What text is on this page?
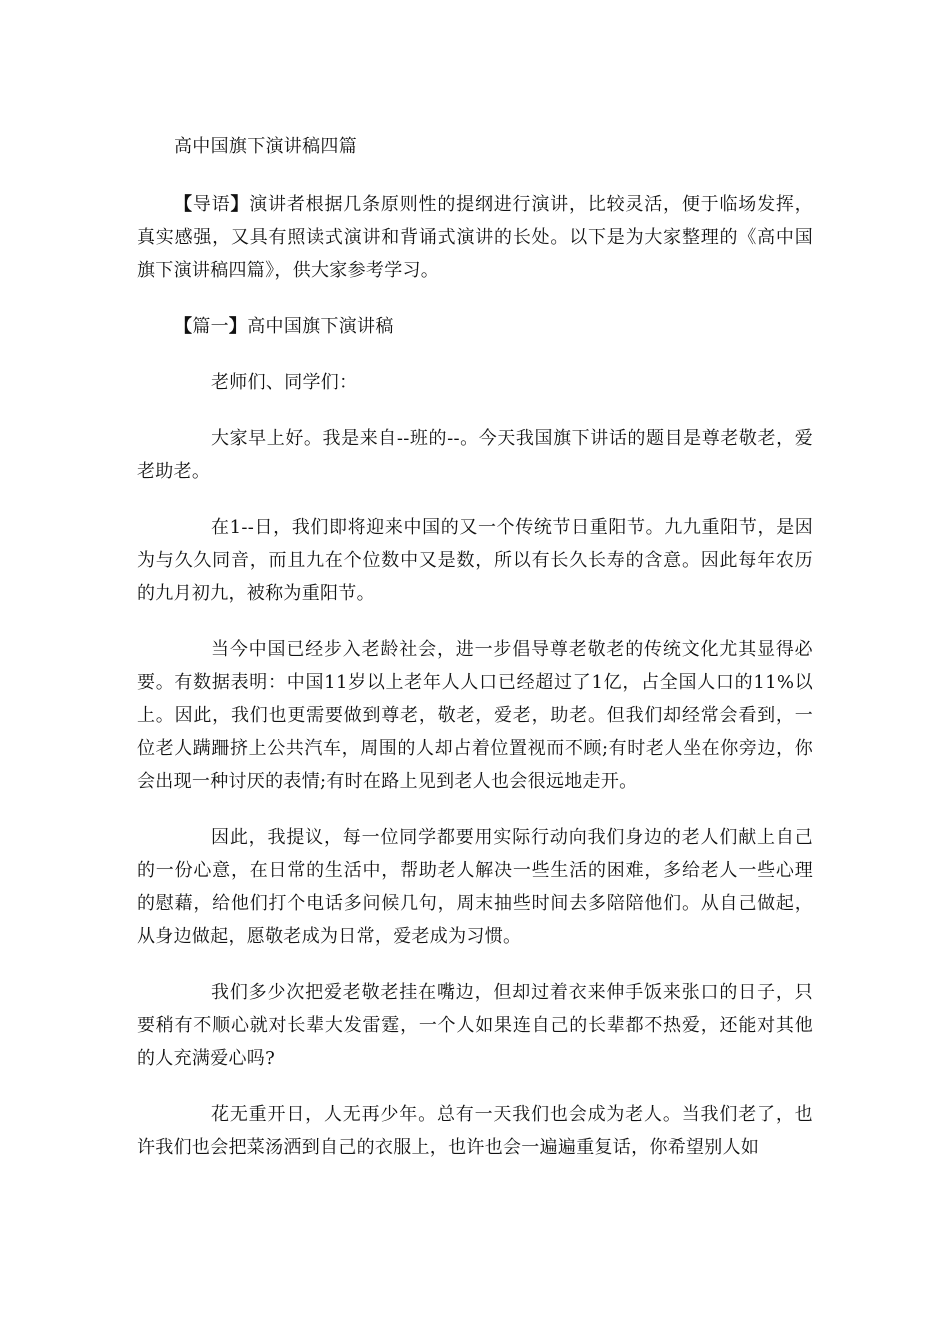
高中国旗下演讲稿四篇

【导语】演讲者根据几条原则性的提纲进行演讲，比较灵活，便于临场发挥，真实感强，又具有照读式演讲和背诵式演讲的长处。以下是为大家整理的《高中国旗下演讲稿四篇》，供大家参考学习。

【篇一】高中国旗下演讲稿

老师们、同学们：

大家早上好。我是来自--班的--。今天我国旗下讲话的题目是尊老敬老，爱老助老。

在1--日，我们即将迎来中国的又一个传统节日重阳节。九九重阳节，是因为与久久同音，而且九在个位数中又是数，所以有长久长寿的含意。因此每年农历的九月初九，被称为重阳节。

当今中国已经步入老龄社会，进一步倡导尊老敬老的传统文化尤其显得必要。有数据表明：中国11岁以上老年人人口已经超过了1亿，占全国人口的11%以上。因此，我们也更需要做到尊老，敬老，爱老，助老。但我们却经常会看到，一位老人蹒跚挤上公共汽车，周围的人却占着位置视而不顾;有时老人坐在你旁边，你会出现一种讨厌的表情;有时在路上见到老人也会很远地走开。

因此，我提议，每一位同学都要用实际行动向我们身边的老人们献上自己的一份心意，在日常的生活中，帮助老人解决一些生活的困难，多给老人一些心理的慰藉，给他们打个电话多问候几句，周末抽些时间去多陪陪他们。从自己做起，从身边做起，愿敬老成为日常，爱老成为习惯。

我们多少次把爱老敬老挂在嘴边，但却过着衣来伸手饭来张口的日子，只要稍有不顺心就对长辈大发雷霆，一个人如果连自己的长辈都不热爱，还能对其他的人充满爱心吗?

花无重开日，人无再少年。总有一天我们也会成为老人。当我们老了，也许我们也会把菜汤洒到自己的衣服上，也许也会一遍遍重复话，你希望别人如
